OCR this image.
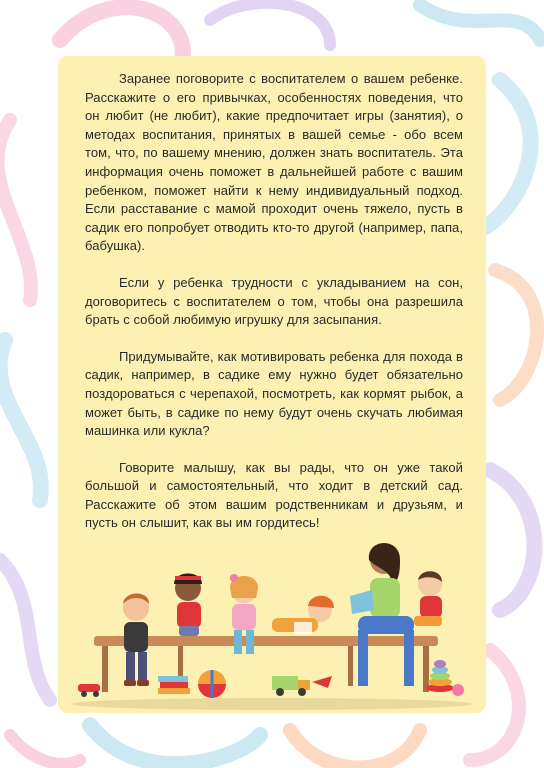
Заранее поговорите с воспитателем о вашем ребенке. Расскажите о его привычках, особенностях поведения, что он любит (не любит), какие предпочитает игры (занятия), о методах воспитания, принятых в вашей семье - обо всем том, что, по вашему мнению, должен знать воспитатель. Эта информация очень поможет в дальнейшей работе с вашим ребенком, поможет найти к нему индивидуальный подход. Если расставание с мамой проходит очень тяжело, пусть в садик его попробует отводить кто-то другой (например, папа, бабушка).

Если у ребенка трудности с укладыванием на сон, договоритесь с воспитателем о том, чтобы она разрешила брать с собой любимую игрушку для засыпания.

Придумывайте, как мотивировать ребенка для похода в садик, например, в садике ему нужно будет обязательно поздороваться с черепахой, посмотреть, как кормят рыбок, а может быть, в садике по нему будут очень скучать любимая машинка или кукла?

Говорите малышу, как вы рады, что он уже такой большой и самостоятельный, что ходит в детский сад. Расскажите об этом вашим родственникам и друзьям, и пусть он слышит, как вы им гордитесь!
